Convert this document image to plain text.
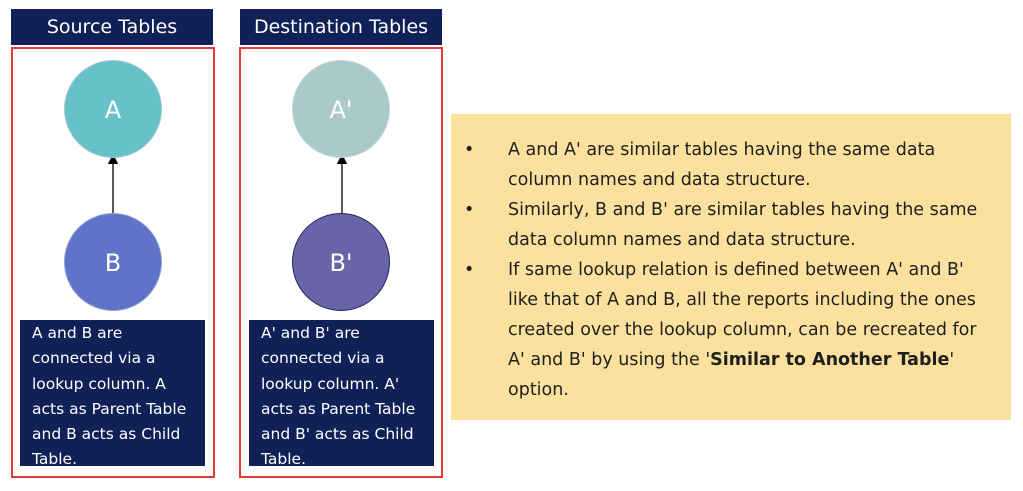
Source Tables	Destination Tables
A
B
A'
B'
A and B are connected via a lookup column. A acts as Parent Table and B acts as Child Table.
A' and B' are connected via a lookup column. A' acts as Parent Table and B' acts as Child Table.
• A and A' are similar tables having the same data column names and data structure.
• Similarly, B and B' are similar tables having the same data column names and data structure.
• If same lookup relation is defined between A' and B' like that of A and B, all the reports including the ones created over the lookup column, can be recreated for A' and B' by using the 'Similar to Another Table' option.
